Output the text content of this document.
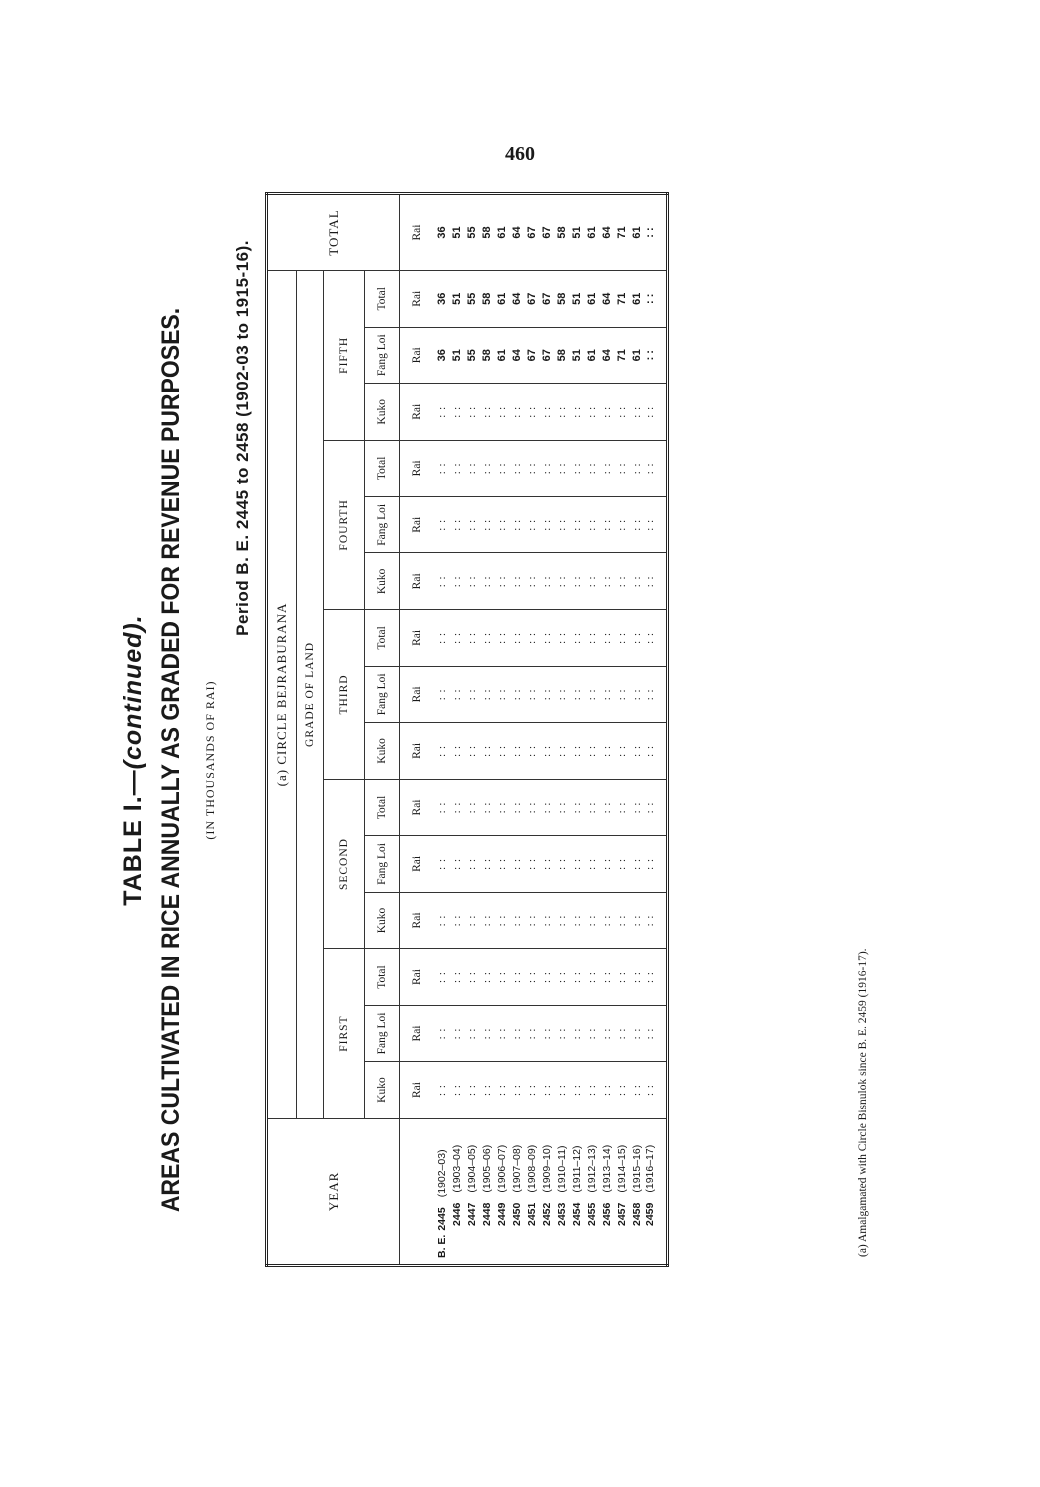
460
TABLE I.—(continued). AREAS CULTIVATED IN RICE ANNUALLY AS GRADED FOR REVENUE PURPOSES. (IN THOUSANDS OF RAI)
Period B. E. 2445 to 2458 (1902-03 to 1915-16).
YEAR	(a) CIRCLE BEJRABURANA															TOTAL
	GRADE OF LAND															
	FIRST			SECOND			THIRD			FOURTH			FIFTH			
	Kuko	Fang Loi	Total	Kuko	Fang Loi	Total	Kuko	Fang Loi	Total	Kuko	Fang Loi	Total	Kuko	Fang Loi	Total	
	Rai	Rai	Rai	Rai	Rai	Rai	Rai	Rai	Rai	Rai	Rai	Rai	Rai	Rai	Rai	Rai
B. E.2445(1902–03)	: :	: :	: :	: :	: :	: :	: :	: :	: :	: :	: :	: :	: :	36	36	36
2446(1903–04)	: :	: :	: :	: :	: :	: :	: :	: :	: :	: :	: :	: :	: :	51	51	51
2447(1904–05)	: :	: :	: :	: :	: :	: :	: :	: :	: :	: :	: :	: :	: :	55	55	55
2448(1905–06)	: :	: :	: :	: :	: :	: :	: :	: :	: :	: :	: :	: :	: :	58	58	58
2449(1906–07)	: :	: :	: :	: :	: :	: :	: :	: :	: :	: :	: :	: :	: :	61	61	61
2450(1907–08)	: :	: :	: :	: :	: :	: :	: :	: :	: :	: :	: :	: :	: :	64	64	64
2451(1908–09)	: :	: :	: :	: :	: :	: :	: :	: :	: :	: :	: :	: :	: :	67	67	67
2452(1909–10)	: :	: :	: :	: :	: :	: :	: :	: :	: :	: :	: :	: :	: :	67	67	67
2453(1910–11)	: :	: :	: :	: :	: :	: :	: :	: :	: :	: :	: :	: :	: :	58	58	58
2454(1911–12)	: :	: :	: :	: :	: :	: :	: :	: :	: :	: :	: :	: :	: :	51	51	51
2455(1912–13)	: :	: :	: :	: :	: :	: :	: :	: :	: :	: :	: :	: :	: :	61	61	61
2456(1913–14)	: :	: :	: :	: :	: :	: :	: :	: :	: :	: :	: :	: :	: :	64	64	64
2457(1914–15)	: :	: :	: :	: :	: :	: :	: :	: :	: :	: :	: :	: :	: :	71	71	71
2458(1915–16)	: :	: :	: :	: :	: :	: :	: :	: :	: :	: :	: :	: :	: :	61	61	61
2459(1916–17)	: :	: :	: :	: :	: :	: :	: :	: :	: :	: :	: :	: :	: :	: :	: :	: :
(a) Amalgamated with Circle Bisnulok since B. E. 2459 (1916-17).
